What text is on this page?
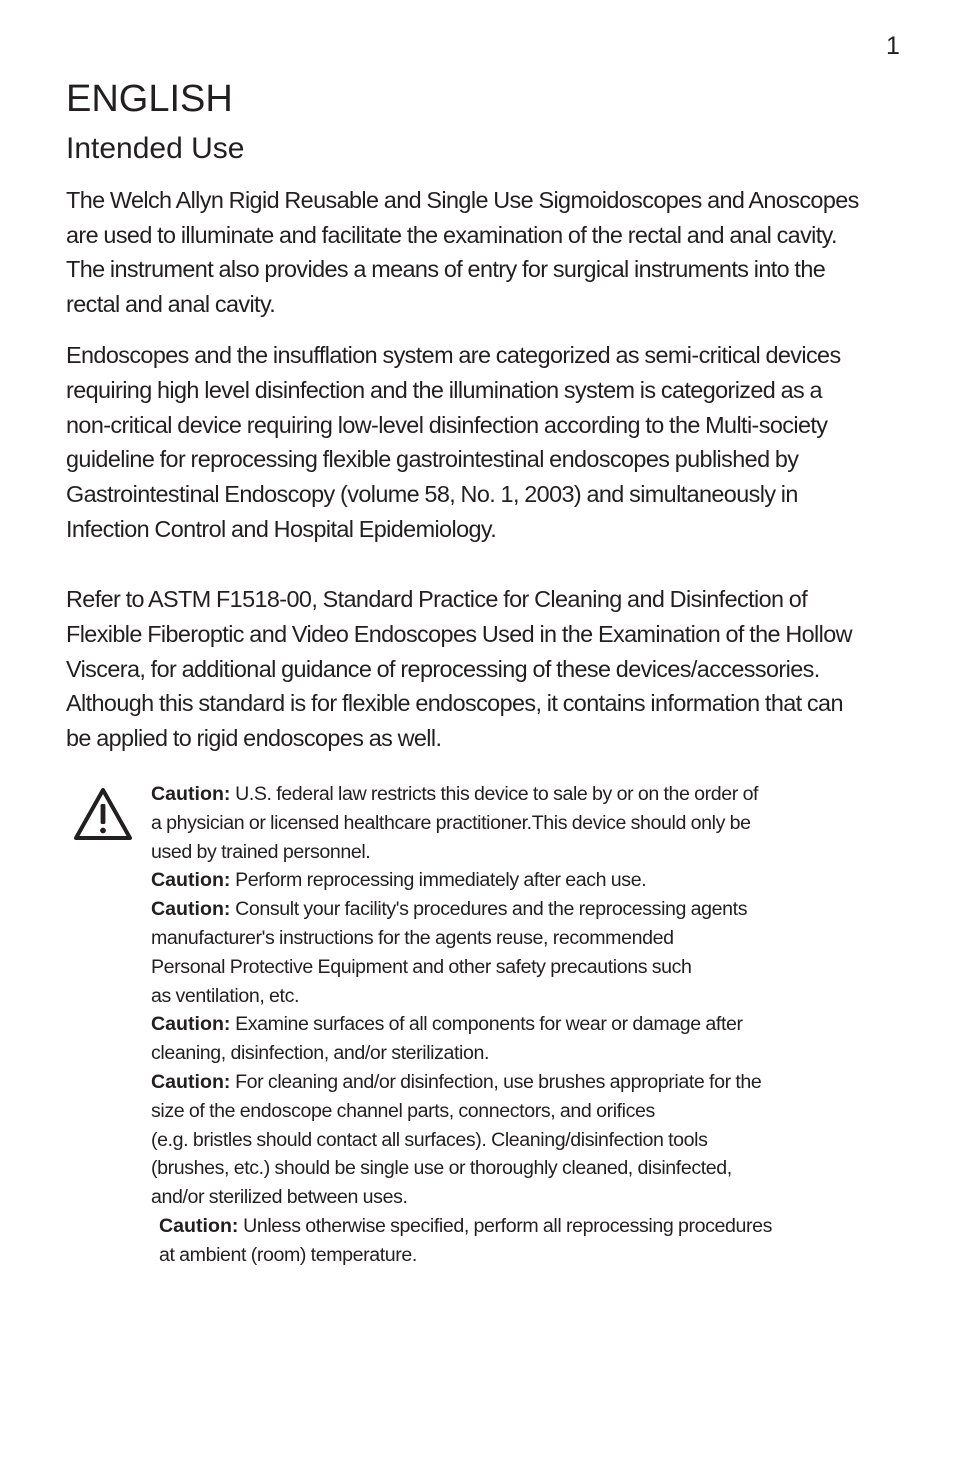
1
ENGLISH
Intended Use

The Welch Allyn Rigid Reusable and Single Use Sigmoidoscopes and Anoscopes
are used to illuminate and facilitate the examination of the rectal and anal cavity.
The instrument also provides a means of entry for surgical instruments into the
rectal and anal cavity.

Endoscopes and the insufflation system are categorized as semi-critical devices
requiring high level disinfection and the illumination system is categorized as a
non-critical device requiring low-level disinfection according to the Multi-society
guideline for reprocessing flexible gastrointestinal endoscopes published by
Gastrointestinal Endoscopy (volume 58, No. 1, 2003) and simultaneously in
Infection Control and Hospital Epidemiology.

Refer to ASTM F1518-00, Standard Practice for Cleaning and Disinfection of
Flexible Fiberoptic and Video Endoscopes Used in the Examination of the Hollow
Viscera, for additional guidance of reprocessing of these devices/accessories.
Although this standard is for flexible endoscopes, it contains information that can
be applied to rigid endoscopes as well.

Caution: U.S. federal law restricts this device to sale by or on the order of
a physician or licensed healthcare practitioner.This device should only be
used by trained personnel.

Caution: Perform reprocessing immediately after each use.

Caution: Consult your facility's procedures and the reprocessing agents
manufacturer's instructions for the agents reuse, recommended
Personal Protective Equipment and other safety precautions such
as ventilation, etc.

Caution: Examine surfaces of all components for wear or damage after
cleaning, disinfection, and/or sterilization.

Caution: For cleaning and/or disinfection, use brushes appropriate for the
size of the endoscope channel parts, connectors, and orifices
(e.g. bristles should contact all surfaces). Cleaning/disinfection tools
(brushes, etc.) should be single use or thoroughly cleaned, disinfected,
and/or sterilized between uses.

Caution: Unless otherwise specified, perform all reprocessing procedures
at ambient (room) temperature.
